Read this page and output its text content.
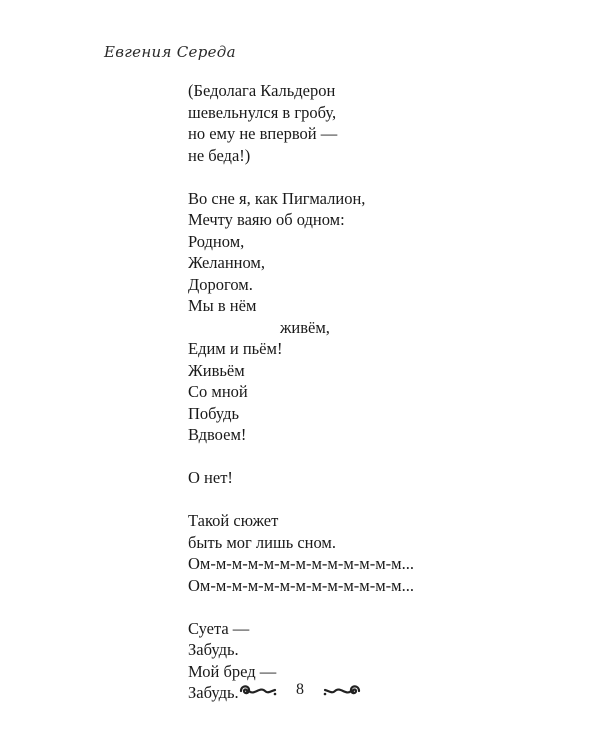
Евгения Середа
(Бедолага Кальдерон
шевельнулся в гробу,
но ему не впервой —
не беда!)
Во сне я, как Пигмалион,
Мечту ваяю об одном:
Родном,
Желанном,
Дорогом.
Мы в нём
живём,
Едим и пьём!
Живьём
Со мной
Побудь
Вдвоем!
О нет!
Такой сюжет
быть мог лишь сном.
Ом-м-м-м-м-м-м-м-м-м-м-м-м...
Ом-м-м-м-м-м-м-м-м-м-м-м-м...
Суета —
Забудь.
Мой бред —
Забудь.	8
